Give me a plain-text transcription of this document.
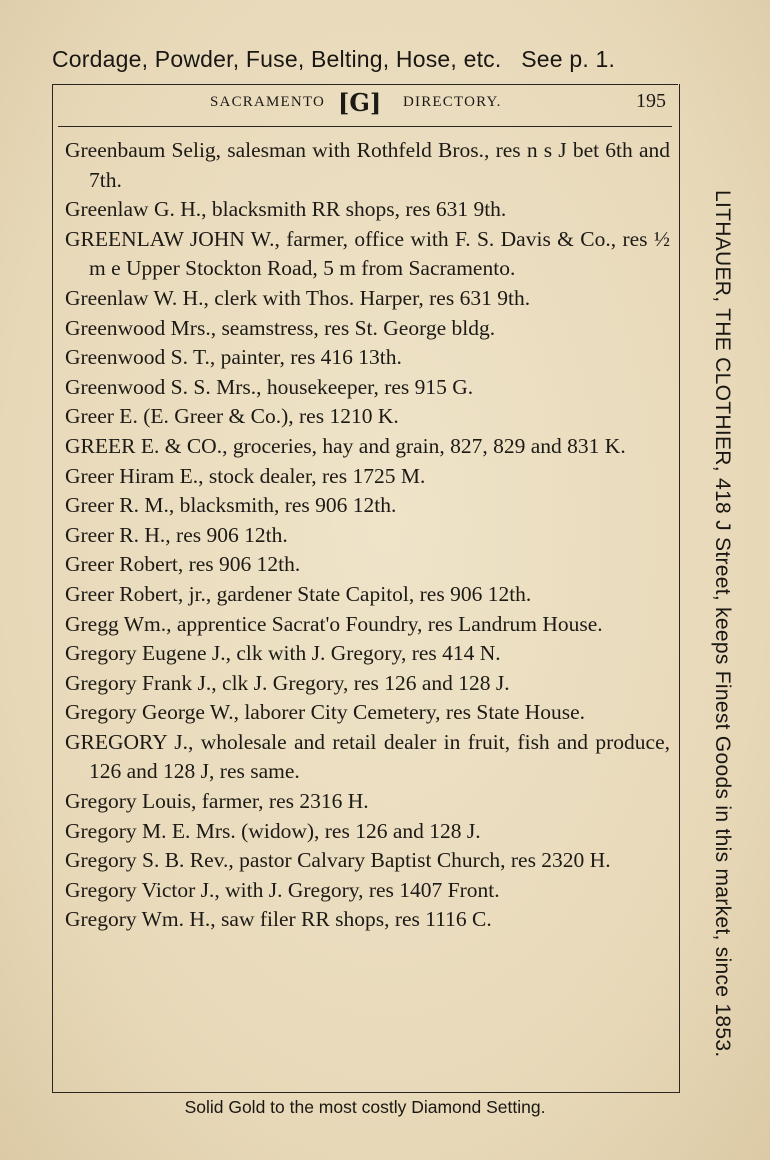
Cordage, Powder, Fuse, Belting, Hose, etc.   See p. 1.
SACRAMENTO [G] DIRECTORY.	195
Greenbaum Selig, salesman with Rothfeld Bros., res n s J bet 6th and 7th.
Greenlaw G. H., blacksmith RR shops, res 631 9th.
GREENLAW JOHN W., farmer, office with F. S. Davis & Co., res ½ m e Upper Stockton Road, 5 m from Sacramento.
Greenlaw W. H., clerk with Thos. Harper, res 631 9th.
Greenwood Mrs., seamstress, res St. George bldg.
Greenwood S. T., painter, res 416 13th.
Greenwood S. S. Mrs., housekeeper, res 915 G.
Greer E. (E. Greer & Co.), res 1210 K.
GREER E. & CO., groceries, hay and grain, 827, 829 and 831 K.
Greer Hiram E., stock dealer, res 1725 M.
Greer R. M., blacksmith, res 906 12th.
Greer R. H., res 906 12th.
Greer Robert, res 906 12th.
Greer Robert, jr., gardener State Capitol, res 906 12th.
Gregg Wm., apprentice Sacrat'o Foundry, res Landrum House.
Gregory Eugene J., clk with J. Gregory, res 414 N.
Gregory Frank J., clk J. Gregory, res 126 and 128 J.
Gregory George W., laborer City Cemetery, res State House.
GREGORY J., wholesale and retail dealer in fruit, fish and produce, 126 and 128 J, res same.
Gregory Louis, farmer, res 2316 H.
Gregory M. E. Mrs. (widow), res 126 and 128 J.
Gregory S. B. Rev., pastor Calvary Baptist Church, res 2320 H.
Gregory Victor J., with J. Gregory, res 1407 Front.
Gregory Wm. H., saw filer RR shops, res 1116 C.	LITHAUER, THE CLOTHIER, 418 J Street, keeps Finest Goods in this market, since 1853.
Solid Gold to the most costly Diamond Setting.
